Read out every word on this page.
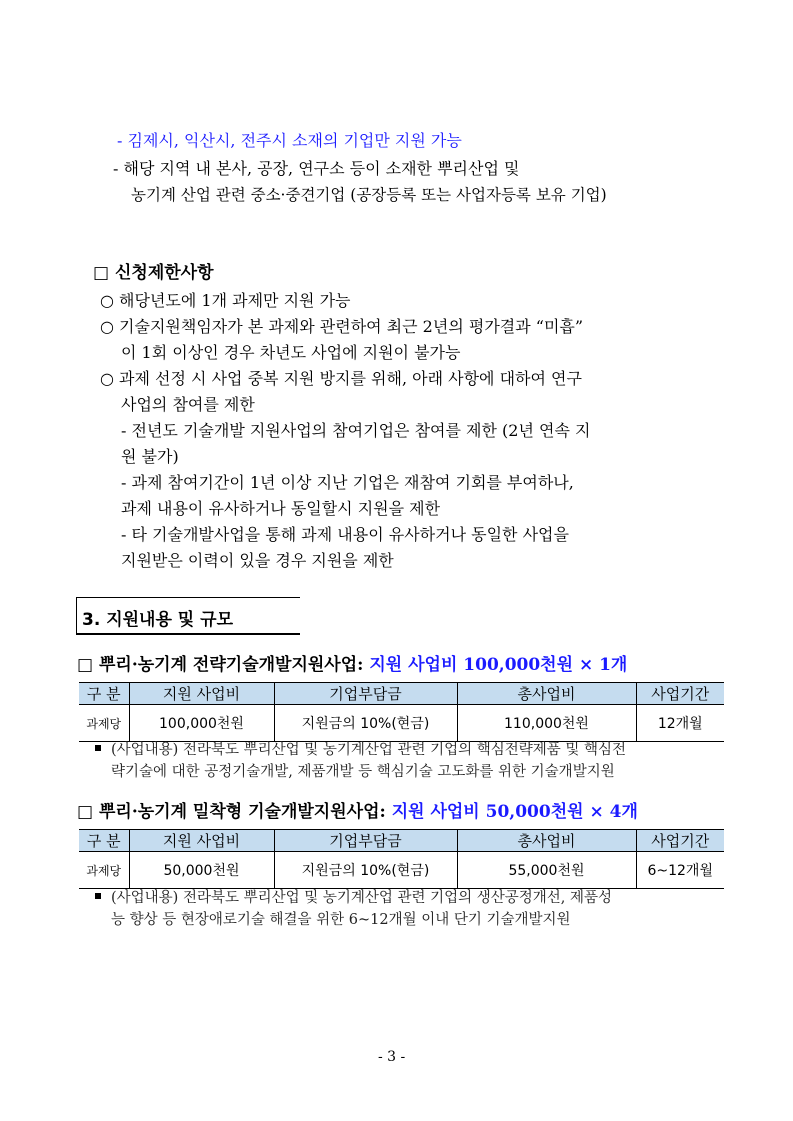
- 김제시, 익산시, 전주시 소재의 기업만 지원 가능
- 해당 지역 내 본사, 공장, 연구소 등이 소재한 뿌리산업 및
농기계 산업 관련 중소·중견기업 (공장등록 또는 사업자등록 보유 기업)
□ 신청제한사항
○ 해당년도에 1개 과제만 지원 가능
○ 기술지원책임자가 본 과제와 관련하여 최근 2년의 평가결과 “미흡”
이 1회 이상인 경우 차년도 사업에 지원이 불가능
○ 과제 선정 시 사업 중복 지원 방지를 위해, 아래 사항에 대하여 연구
사업의 참여를 제한
- 전년도 기술개발 지원사업의 참여기업은 참여를 제한 (2년 연속 지
원 불가)
- 과제 참여기간이 1년 이상 지난 기업은 재참여 기회를 부여하나,
과제 내용이 유사하거나 동일할시 지원을 제한
- 타 기술개발사업을 통해 과제 내용이 유사하거나 동일한 사업을
지원받은 이력이 있을 경우 지원을 제한
3. 지원내용 및 규모
□ 뿌리·농기계 전략기술개발지원사업: 지원 사업비 100,000천원 × 1개
구 분	지원 사업비	기업부담금	총사업비	사업기간
과제당	100,000천원	지원금의 10%(현금)	110,000천원	12개월
(사업내용) 전라북도 뿌리산업 및 농기계산업 관련 기업의 핵심전략제품 및 핵심전
략기술에 대한 공정기술개발, 제품개발 등 핵심기술 고도화를 위한 기술개발지원
□ 뿌리·농기계 밀착형 기술개발지원사업: 지원 사업비 50,000천원 × 4개
구 분	지원 사업비	기업부담금	총사업비	사업기간
과제당	50,000천원	지원금의 10%(현금)	55,000천원	6~12개월
(사업내용) 전라북도 뿌리산업 및 농기계산업 관련 기업의 생산공정개선, 제품성
능 향상 등 현장애로기술 해결을 위한 6~12개월 이내 단기 기술개발지원
- 3 -
